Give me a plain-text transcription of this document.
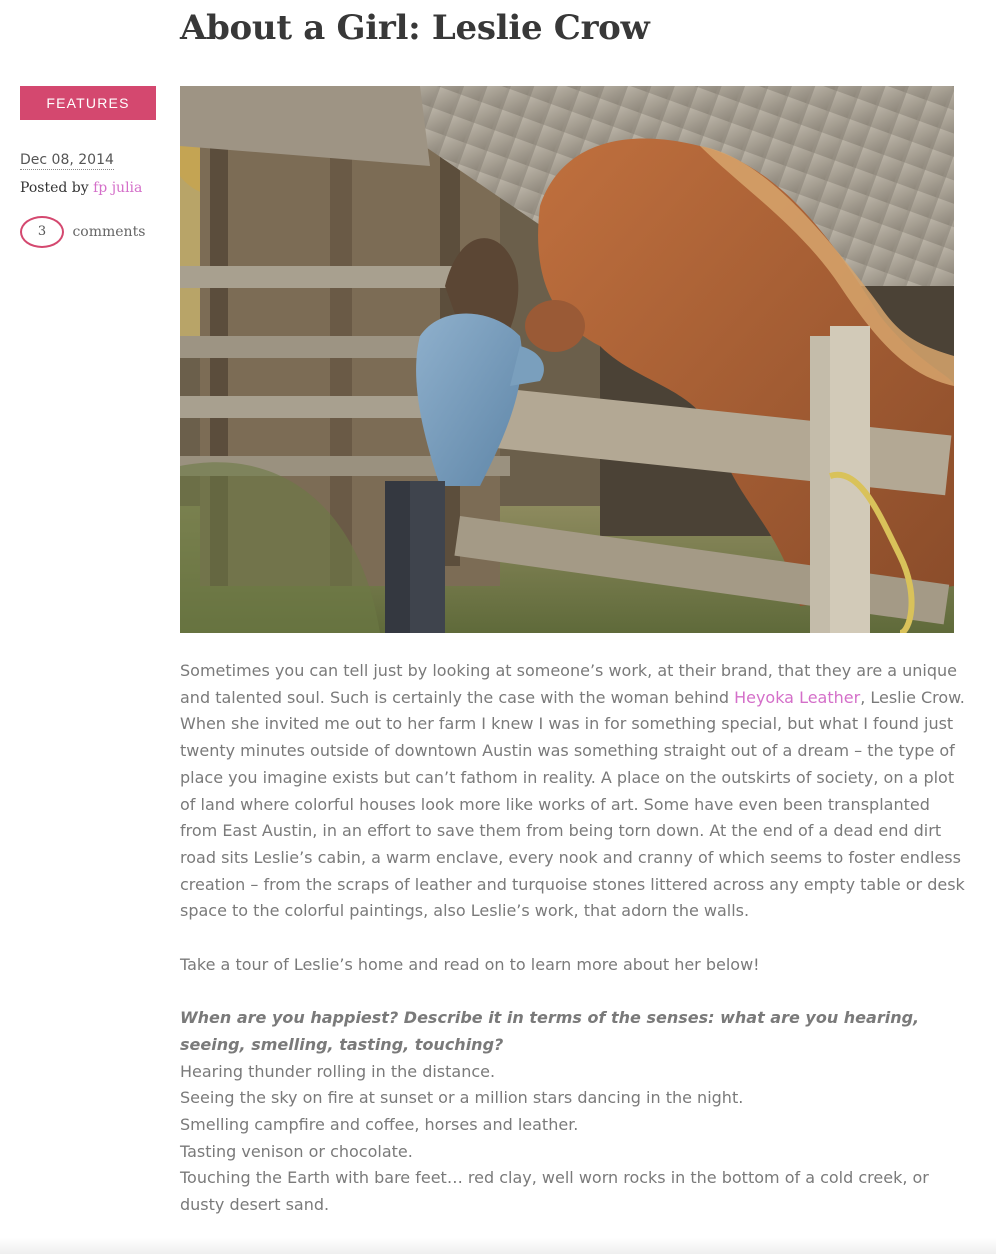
About a Girl: Leslie Crow
FEATURES
Dec 08, 2014
Posted by fp julia
3 comments

Sometimes you can tell just by looking at someone’s work, at their brand, that they are a unique and talented soul. Such is certainly the case with the woman behind Heyoka Leather, Leslie Crow. When she invited me out to her farm I knew I was in for something special, but what I found just twenty minutes outside of downtown Austin was something straight out of a dream – the type of place you imagine exists but can’t fathom in reality. A place on the outskirts of society, on a plot of land where colorful houses look more like works of art. Some have even been transplanted from East Austin, in an effort to save them from being torn down. At the end of a dead end dirt road sits Leslie’s cabin, a warm enclave, every nook and cranny of which seems to foster endless creation – from the scraps of leather and turquoise stones littered across any empty table or desk space to the colorful paintings, also Leslie’s work, that adorn the walls.

Take a tour of Leslie’s home and read on to learn more about her below!

When are you happiest? Describe it in terms of the senses: what are you hearing, seeing, smelling, tasting, touching?
Hearing thunder rolling in the distance.
Seeing the sky on fire at sunset or a million stars dancing in the night.
Smelling campfire and coffee, horses and leather.
Tasting venison or chocolate.
Touching the Earth with bare feet… red clay, well worn rocks in the bottom of a cold creek, or dusty desert sand.
